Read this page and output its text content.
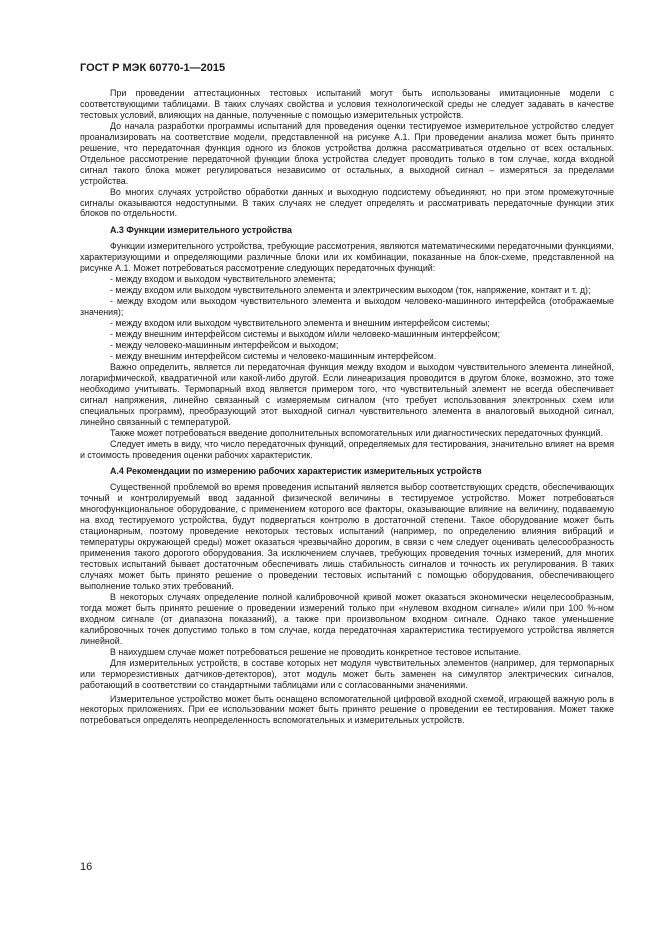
ГОСТ Р МЭК 60770-1—2015

При проведении аттестационных тестовых испытаний могут быть использованы имитационные модели с соответствующими таблицами. В таких случаях свойства и условия технологической среды не следует задавать в качестве тестовых условий, влияющих на данные, полученные с помощью измерительных устройств.

До начала разработки программы испытаний для проведения оценки тестируемое измерительное устройство следует проанализировать на соответствие модели, представленной на рисунке А.1. При проведении анализа может быть принято решение, что передаточная функция одного из блоков устройства должна рассматриваться отдельно от всех остальных. Отдельное рассмотрение передаточной функции блока устройства следует проводить только в том случае, когда входной сигнал такого блока может регулироваться независимо от остальных, а выходной сигнал – измеряться за пределами устройства.

Во многих случаях устройство обработки данных и выходную подсистему объединяют, но при этом промежуточные сигналы оказываются недоступными. В таких случаях не следует определять и рассматривать передаточные функции этих блоков по отдельности.

А.3 Функции измерительного устройства

Функции измерительного устройства, требующие рассмотрения, являются математическими передаточными функциями, характеризующими и определяющими различные блоки или их комбинации, показанные на блок-схеме, представленной на рисунке А.1. Может потребоваться рассмотрение следующих передаточных функций:

- между входом и выходом чувствительного элемента;

- между входом или выходом чувствительного элемента и электрическим выходом (ток, напряжение, контакт и т. д);

- между входом или выходом чувствительного элемента и выходом человеко-машинного интерфейса (отображаемые значения);

- между входом или выходом чувствительного элемента и внешним интерфейсом системы;

- между внешним интерфейсом системы и выходом и/или человеко-машинным интерфейсом;

- между человеко-машинным интерфейсом и выходом;

- между внешним интерфейсом системы и человеко-машинным интерфейсом.

Важно определить, является ли передаточная функция между входом и выходом чувствительного элемента линейной, логарифмической, квадратичной или какой-либо другой. Если линеаризация проводится в другом блоке, возможно, это тоже необходимо учитывать. Термопарный вход является примером того, что чувствительный элемент не всегда обеспечивает сигнал напряжения, линейно связанный с измеряемым сигналом (что требует использования электронных схем или специальных программ), преобразующий этот выходной сигнал чувствительного элемента в аналоговый выходной сигнал, линейно связанный с температурой.

Также может потребоваться введение дополнительных вспомогательных или диагностических передаточных функций.

Следует иметь в виду, что число передаточных функций, определяемых для тестирования, значительно влияет на время и стоимость проведения оценки рабочих характеристик.

А.4 Рекомендации по измерению рабочих характеристик измерительных устройств

Существенной проблемой во время проведения испытаний является выбор соответствующих средств, обеспечивающих точный и контролируемый ввод заданной физической величины в тестируемое устройство. Может потребоваться многофункциональное оборудование, с применением которого все факторы, оказывающие влияние на величину, подаваемую на вход тестируемого устройства, будут подвергаться контролю в достаточной степени. Такое оборудование может быть стационарным, поэтому проведение некоторых тестовых испытаний (например, по определению влияния вибраций и температуры окружающей среды) может оказаться чрезвычайно дорогим, в связи с чем следует оценивать целесообразность применения такого дорогого оборудования. За исключением случаев, требующих проведения точных измерений, для многих тестовых испытаний бывает достаточным обеспечивать лишь стабильность сигналов и точность их регулирования. В таких случаях может быть принято решение о проведении тестовых испытаний с помощью оборудования, обеспечивающего выполнение только этих требований.

В некоторых случаях определение полной калибровочной кривой может оказаться экономически нецелесообразным, тогда может быть принято решение о проведении измерений только при «нулевом входном сигнале» и/или при 100 %-ном входном сигнале (от диапазона показаний), а также при произвольном входном сигнале. Однако такое уменьшение калибровочных точек допустимо только в том случае, когда передаточная характеристика тестируемого устройства является линейной.

В наихудшем случае может потребоваться решение не проводить конкретное тестовое испытание.

Для измерительных устройств, в составе которых нет модуля чувствительных элементов (например, для термопарных или терморезистивных датчиков-детекторов), этот модуль может быть заменен на симулятор электрических сигналов, работающий в соответствии со стандартными таблицами или с согласованными значениями.

Измерительное устройство может быть оснащено вспомогательной цифровой входной схемой, играющей важную роль в некоторых приложениях. При ее использовании может быть принято решение о проведении ее тестирования. Может также потребоваться определять неопределенность вспомогательных и измерительных устройств.

16
